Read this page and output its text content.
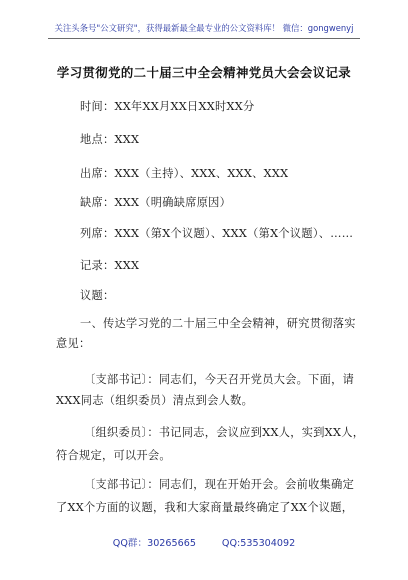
关注头条号"公文研究"，获得最新最全最专业的公文资料库！ 微信：gongwenyj
学习贯彻党的二十届三中全会精神党员大会会议记录
时间：XX年XX月XX日XX时XX分
地点：XXX
出席：XXX（主持）、XXX、XXX、XXX
缺席：XXX（明确缺席原因）
列席：XXX（第X个议题）、XXX（第X个议题）、……
记录：XXX
议题：
一、传达学习党的二十届三中全会精神，研究贯彻落实
意见：
〔支部书记〕：同志们，今天召开党员大会。下面，请
XXX同志（组织委员）清点到会人数。
〔组织委员〕：书记同志，会议应到XX人，实到XX人，
符合规定，可以开会。
〔支部书记〕：同志们，现在开始开会。会前收集确定
了XX个方面的议题，我和大家商量最终确定了XX个议题，
QQ群：30265665	QQ:535304092
